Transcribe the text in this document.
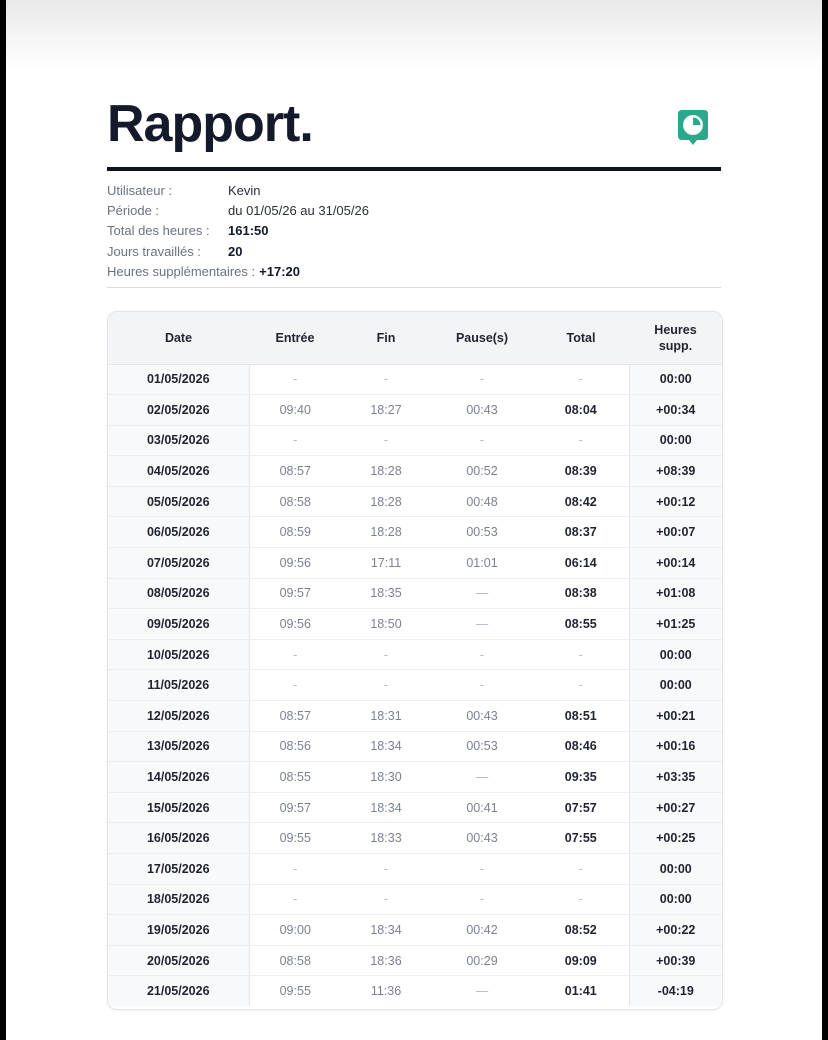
Rapport.
Utilisateur :	Kevin
Période :	du 01/05/26 au 31/05/26
Total des heures :	161:50
Jours travaillés :	20
Heures supplémentaires : +17:20
Date	Entrée	Fin	Pause(s)	Total	Heures
supp.
01/05/2026	-	-	-	-	00:00
02/05/2026	09:40	18:27	00:43	08:04	+00:34
03/05/2026	-	-	-	-	00:00
04/05/2026	08:57	18:28	00:52	08:39	+08:39
05/05/2026	08:58	18:28	00:48	08:42	+00:12
06/05/2026	08:59	18:28	00:53	08:37	+00:07
07/05/2026	09:56	17:11	01:01	06:14	+00:14
08/05/2026	09:57	18:35	—	08:38	+01:08
09/05/2026	09:56	18:50	—	08:55	+01:25
10/05/2026	-	-	-	-	00:00
11/05/2026	-	-	-	-	00:00
12/05/2026	08:57	18:31	00:43	08:51	+00:21
13/05/2026	08:56	18:34	00:53	08:46	+00:16
14/05/2026	08:55	18:30	—	09:35	+03:35
15/05/2026	09:57	18:34	00:41	07:57	+00:27
16/05/2026	09:55	18:33	00:43	07:55	+00:25
17/05/2026	-	-	-	-	00:00
18/05/2026	-	-	-	-	00:00
19/05/2026	09:00	18:34	00:42	08:52	+00:22
20/05/2026	08:58	18:36	00:29	09:09	+00:39
21/05/2026	09:55	11:36	—	01:41	-04:19
